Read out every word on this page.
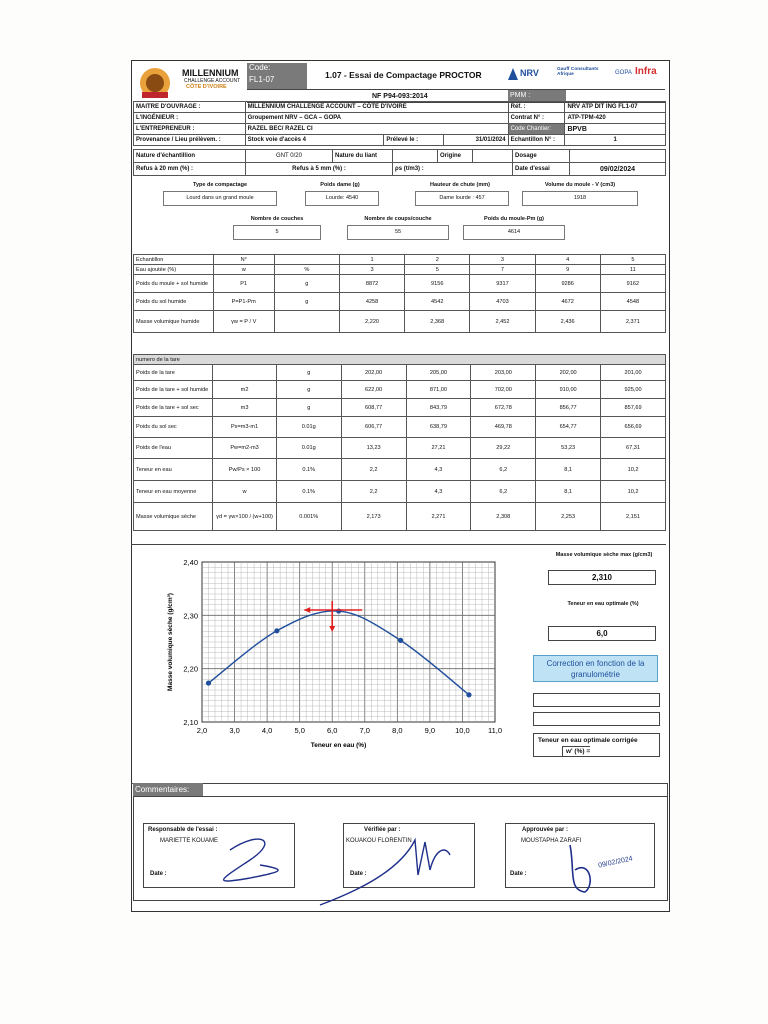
MILLENNIUM
CHALLENGE ACCOUNT
CÔTE D'IVOIRE
Code:
FL1-07	1.07 - Essai de Compactage PROCTOR	NRV	Gauff Consultants Afrique	GOPA Infra
NF P94-093:2014	PMM :
MAITRE D'OUVRAGE :	MILLENNIUM CHALLENGE ACCOUNT – CÔTE D'IVOIRE			Réf. :	NRV ATP DIT ING FL1-07
L'INGÉNIEUR :	Groupement NRV – GCA – GOPA			Contrat N° :	ATP-TPM-420
L'ENTREPRENEUR :	RAZEL BEC/ RAZEL CI			Code Chantier:	BPVB
Provenance / Lieu prélèvem. :	Stock voie d'accès 4	Prélevé le :	31/01/2024	Echantillon N° :	1
Nature d'échantillion	GNT 0/20	Nature du liant		Origine		Dosage	
Refus à 20 mm (%) :	Refus à 5 mm (%) :		ρs (t/m3) :			Date d'essai	09/02/2024
Type de compactage
Lourd dans un grand moule
Poids dame (g)
Lourde: 4540
Hauteur de chute (mm)
Dame lourde : 457
Volume du moule - V (cm3)
1918
Nombre de couches
5
Nombre de coups/couche
55
Poids du moule-Pm (g)
4614
Echantillon	N°		1	2	3	4	5
Eau ajoutée (%)	w	%	3	5	7	9	11
Poids du moule + sol humide	P1	g	8872	9156	9317	9286	9162
Poids du sol humide	P=P1-Pm	g	4258	4542	4703	4672	4548
Masse volumique humide	γw = P / V		2,220	2,368	2,452	2,436	2,371
numero de la tare							
Poids de la tare		g	202,00	205,00	203,00	202,00	201,00
Poids de la tare + sol humide	m2	g	622,00	871,00	702,00	910,00	925,00
Poids de la tare + sol sec	m3	g	608,77	843,79	672,78	856,77	857,69
Poids du sol sec	Ps=m3-m1	0.01g	606,77	638,79	469,78	654,77	656,69
Poids de l'eau	Pw=m2-m3	0.01g	13,23	27,21	29,22	53,23	67,31
Teneur en eau	Pw/Ps × 100	0.1%	2,2	4,3	6,2	8,1	10,2
Teneur en eau moyenne	w	0.1%	2,2	4,3	6,2	8,1	10,2
Masse volumique sèche	γd = γw×100 / (w+100)	0.001%	2,173	2,271	2,308	2,253	2,151
2,0	3,0	4,0	5,0	6,0	7,0	8,0	9,0	10,0 11,0
2,10
2,20
2,30
2,40
Teneur en eau (%)
Masse volumique sèche (g/cm³)
Masse volumique sèche max (g/cm3)
2,310
Teneur en eau optimale (%)
6,0
Correction en fonction de la granulométrie
Teneur en eau optimale corrigée
w' (%) =
Commentaires:
Responsable de l'essai :
MARIETTE KOUAME
Date :
Vérifiée par :
KOUAKOU FLORENTIN
Date :
Approuvée par :
MOUSTAPHA ZARAFI
Date :
09/02/2024
